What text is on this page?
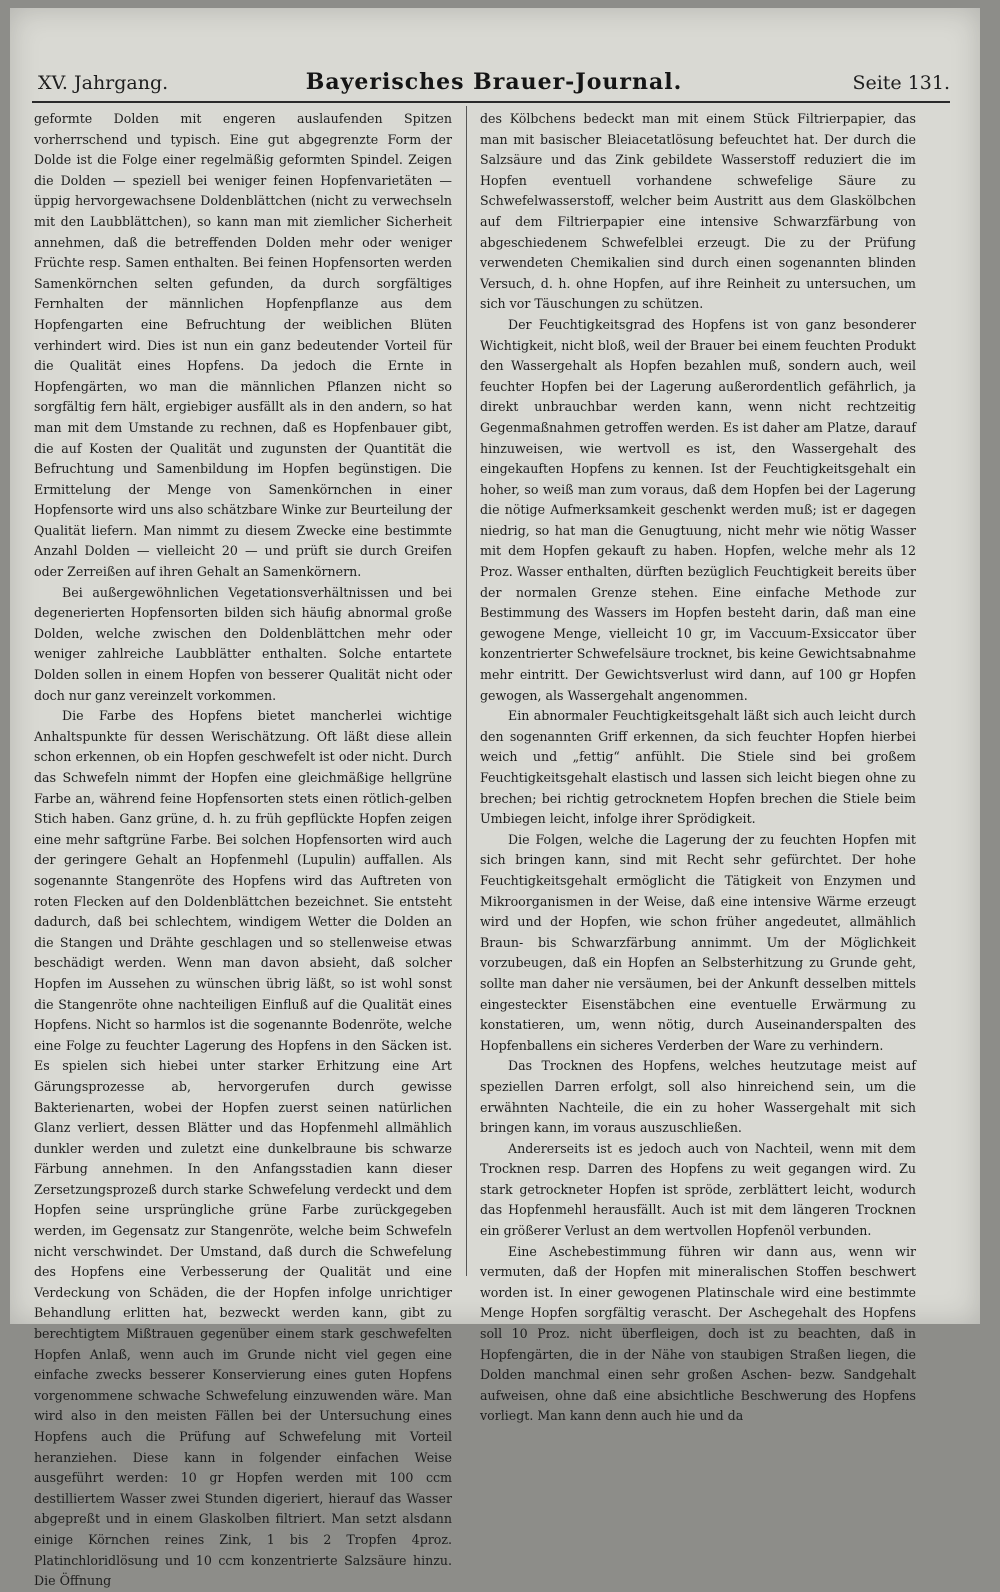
XV. Jahrgang.	Bayerisches Brauer-Journal.	Seite 131.

geformte Dolden mit engeren auslaufenden Spitzen vorherrschend und typisch. Eine gut abgegrenzte Form der Dolde ist die Folge einer regelmäßig geformten Spindel. Zeigen die Dolden — speziell bei weniger feinen Hopfenvarietäten — üppig hervorgewachsene Doldenblättchen (nicht zu verwechseln mit den Laubblättchen), so kann man mit ziemlicher Sicherheit annehmen, daß die betreffenden Dolden mehr oder weniger Früchte resp. Samen enthalten. Bei feinen Hopfensorten werden Samenkörnchen selten gefunden, da durch sorgfältiges Fernhalten der männlichen Hopfenpflanze aus dem Hopfengarten eine Befruchtung der weiblichen Blüten verhindert wird. Dies ist nun ein ganz bedeutender Vorteil für die Qualität eines Hopfens. Da jedoch die Ernte in Hopfengärten, wo man die männlichen Pflanzen nicht so sorgfältig fern hält, ergiebiger ausfällt als in den andern, so hat man mit dem Umstande zu rechnen, daß es Hopfenbauer gibt, die auf Kosten der Qualität und zugunsten der Quantität die Befruchtung und Samenbildung im Hopfen begünstigen. Die Ermittelung der Menge von Samenkörnchen in einer Hopfensorte wird uns also schätzbare Winke zur Beurteilung der Qualität liefern. Man nimmt zu diesem Zwecke eine bestimmte Anzahl Dolden — vielleicht 20 — und prüft sie durch Greifen oder Zerreißen auf ihren Gehalt an Samenkörnern.

Bei außergewöhnlichen Vegetationsverhältnissen und bei degenerierten Hopfensorten bilden sich häufig abnormal große Dolden, welche zwischen den Doldenblättchen mehr oder weniger zahlreiche Laubblätter enthalten. Solche entartete Dolden sollen in einem Hopfen von besserer Qualität nicht oder doch nur ganz vereinzelt vorkommen.

Die Farbe des Hopfens bietet mancherlei wichtige Anhaltspunkte für dessen Werischätzung. Oft läßt diese allein schon erkennen, ob ein Hopfen geschwefelt ist oder nicht. Durch das Schwefeln nimmt der Hopfen eine gleichmäßige hellgrüne Farbe an, während feine Hopfensorten stets einen rötlich-gelben Stich haben. Ganz grüne, d. h. zu früh gepflückte Hopfen zeigen eine mehr saftgrüne Farbe. Bei solchen Hopfensorten wird auch der geringere Gehalt an Hopfenmehl (Lupulin) auffallen. Als sogenannte Stangenröte des Hopfens wird das Auftreten von roten Flecken auf den Doldenblättchen bezeichnet. Sie entsteht dadurch, daß bei schlechtem, windigem Wetter die Dolden an die Stangen und Drähte geschlagen und so stellenweise etwas beschädigt werden. Wenn man davon absieht, daß solcher Hopfen im Aussehen zu wünschen übrig läßt, so ist wohl sonst die Stangenröte ohne nachteiligen Einfluß auf die Qualität eines Hopfens. Nicht so harmlos ist die sogenannte Bodenröte, welche eine Folge zu feuchter Lagerung des Hopfens in den Säcken ist. Es spielen sich hiebei unter starker Erhitzung eine Art Gärungsprozesse ab, hervorgerufen durch gewisse Bakterienarten, wobei der Hopfen zuerst seinen natürlichen Glanz verliert, dessen Blätter und das Hopfenmehl allmählich dunkler werden und zuletzt eine dunkelbraune bis schwarze Färbung annehmen. In den Anfangsstadien kann dieser Zersetzungsprozeß durch starke Schwefelung verdeckt und dem Hopfen seine ursprüngliche grüne Farbe zurückgegeben werden, im Gegensatz zur Stangenröte, welche beim Schwefeln nicht verschwindet. Der Umstand, daß durch die Schwefelung des Hopfens eine Verbesserung der Qualität und eine Verdeckung von Schäden, die der Hopfen infolge unrichtiger Behandlung erlitten hat, bezweckt werden kann, gibt zu berechtigtem Mißtrauen gegenüber einem stark geschwefelten Hopfen Anlaß, wenn auch im Grunde nicht viel gegen eine einfache zwecks besserer Konservierung eines guten Hopfens vorgenommene schwache Schwefelung einzuwenden wäre. Man wird also in den meisten Fällen bei der Untersuchung eines Hopfens auch die Prüfung auf Schwefelung mit Vorteil heranziehen. Diese kann in folgender einfachen Weise ausgeführt werden: 10 gr Hopfen werden mit 100 ccm destilliertem Wasser zwei Stunden digeriert, hierauf das Wasser abgepreßt und in einem Glaskolben filtriert. Man setzt alsdann einige Körnchen reines Zink, 1 bis 2 Tropfen 4proz. Platinchloridlösung und 10 ccm konzentrierte Salzsäure hinzu. Die Öffnung

des Kölbchens bedeckt man mit einem Stück Filtrierpapier, das man mit basischer Bleiacetatlösung befeuchtet hat. Der durch die Salzsäure und das Zink gebildete Wasserstoff reduziert die im Hopfen eventuell vorhandene schwefelige Säure zu Schwefelwasserstoff, welcher beim Austritt aus dem Glaskölbchen auf dem Filtrierpapier eine intensive Schwarzfärbung von abgeschiedenem Schwefelblei erzeugt. Die zu der Prüfung verwendeten Chemikalien sind durch einen sogenannten blinden Versuch, d. h. ohne Hopfen, auf ihre Reinheit zu untersuchen, um sich vor Täuschungen zu schützen.

Der Feuchtigkeitsgrad des Hopfens ist von ganz besonderer Wichtigkeit, nicht bloß, weil der Brauer bei einem feuchten Produkt den Wassergehalt als Hopfen bezahlen muß, sondern auch, weil feuchter Hopfen bei der Lagerung außerordentlich gefährlich, ja direkt unbrauchbar werden kann, wenn nicht rechtzeitig Gegenmaßnahmen getroffen werden. Es ist daher am Platze, darauf hinzuweisen, wie wertvoll es ist, den Wassergehalt des eingekauften Hopfens zu kennen. Ist der Feuchtigkeitsgehalt ein hoher, so weiß man zum voraus, daß dem Hopfen bei der Lagerung die nötige Aufmerksamkeit geschenkt werden muß; ist er dagegen niedrig, so hat man die Genugtuung, nicht mehr wie nötig Wasser mit dem Hopfen gekauft zu haben. Hopfen, welche mehr als 12 Proz. Wasser enthalten, dürften bezüglich Feuchtigkeit bereits über der normalen Grenze stehen. Eine einfache Methode zur Bestimmung des Wassers im Hopfen besteht darin, daß man eine gewogene Menge, vielleicht 10 gr, im Vaccuum-Exsiccator über konzentrierter Schwefelsäure trocknet, bis keine Gewichtsabnahme mehr eintritt. Der Gewichtsverlust wird dann, auf 100 gr Hopfen gewogen, als Wassergehalt angenommen.

Ein abnormaler Feuchtigkeitsgehalt läßt sich auch leicht durch den sogenannten Griff erkennen, da sich feuchter Hopfen hierbei weich und „fettig“ anfühlt. Die Stiele sind bei großem Feuchtigkeitsgehalt elastisch und lassen sich leicht biegen ohne zu brechen; bei richtig getrocknetem Hopfen brechen die Stiele beim Umbiegen leicht, infolge ihrer Sprödigkeit.

Die Folgen, welche die Lagerung der zu feuchten Hopfen mit sich bringen kann, sind mit Recht sehr gefürchtet. Der hohe Feuchtigkeitsgehalt ermöglicht die Tätigkeit von Enzymen und Mikroorganismen in der Weise, daß eine intensive Wärme erzeugt wird und der Hopfen, wie schon früher angedeutet, allmählich Braun- bis Schwarzfärbung annimmt. Um der Möglichkeit vorzubeugen, daß ein Hopfen an Selbsterhitzung zu Grunde geht, sollte man daher nie versäumen, bei der Ankunft desselben mittels eingesteckter Eisenstäbchen eine eventuelle Erwärmung zu konstatieren, um, wenn nötig, durch Auseinanderspalten des Hopfenballens ein sicheres Verderben der Ware zu verhindern.

Das Trocknen des Hopfens, welches heutzutage meist auf speziellen Darren erfolgt, soll also hinreichend sein, um die erwähnten Nachteile, die ein zu hoher Wassergehalt mit sich bringen kann, im voraus auszuschließen.

Andererseits ist es jedoch auch von Nachteil, wenn mit dem Trocknen resp. Darren des Hopfens zu weit gegangen wird. Zu stark getrockneter Hopfen ist spröde, zerblättert leicht, wodurch das Hopfenmehl herausfällt. Auch ist mit dem längeren Trocknen ein größerer Verlust an dem wertvollen Hopfenöl verbunden.

Eine Aschebestimmung führen wir dann aus, wenn wir vermuten, daß der Hopfen mit mineralischen Stoffen beschwert worden ist. In einer gewogenen Platinschale wird eine bestimmte Menge Hopfen sorgfältig verascht. Der Aschegehalt des Hopfens soll 10 Proz. nicht überfleigen, doch ist zu beachten, daß in Hopfengärten, die in der Nähe von staubigen Straßen liegen, die Dolden manchmal einen sehr großen Aschen- bezw. Sandgehalt aufweisen, ohne daß eine absichtliche Beschwerung des Hopfens vorliegt. Man kann denn auch hie und da
